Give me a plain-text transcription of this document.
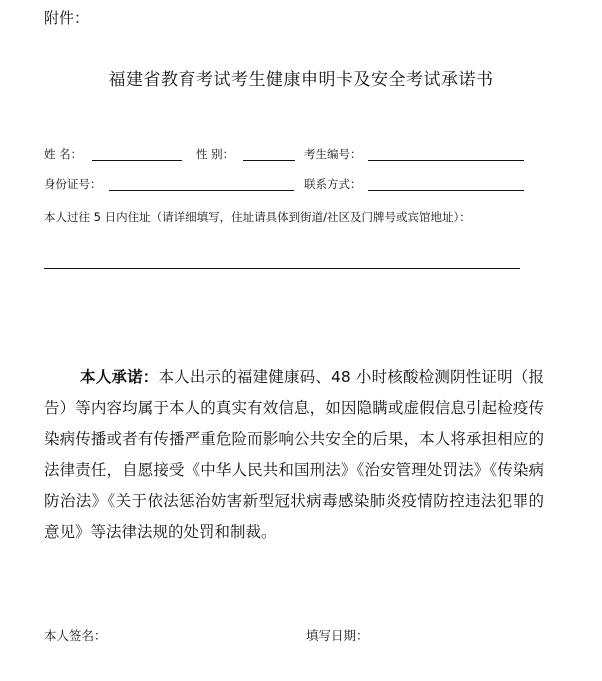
附件：
福建省教育考试考生健康申明卡及安全考试承诺书
姓 名：	性 别：	考生编号：
身份证号：	联系方式：
本人过往 5 日内住址（请详细填写，住址请具体到街道/社区及门牌号或宾馆地址）：
本人承诺：本人出示的福建健康码、48 小时核酸检测阴性证明（报告）等内容均属于本人的真实有效信息，如因隐瞒或虚假信息引起检疫传染病传播或者有传播严重危险而影响公共安全的后果，本人将承担相应的法律责任，自愿接受《中华人民共和国刑法》《治安管理处罚法》《传染病防治法》《关于依法惩治妨害新型冠状病毒感染肺炎疫情防控违法犯罪的意见》等法律法规的处罚和制裁。
本人签名：	填写日期：
